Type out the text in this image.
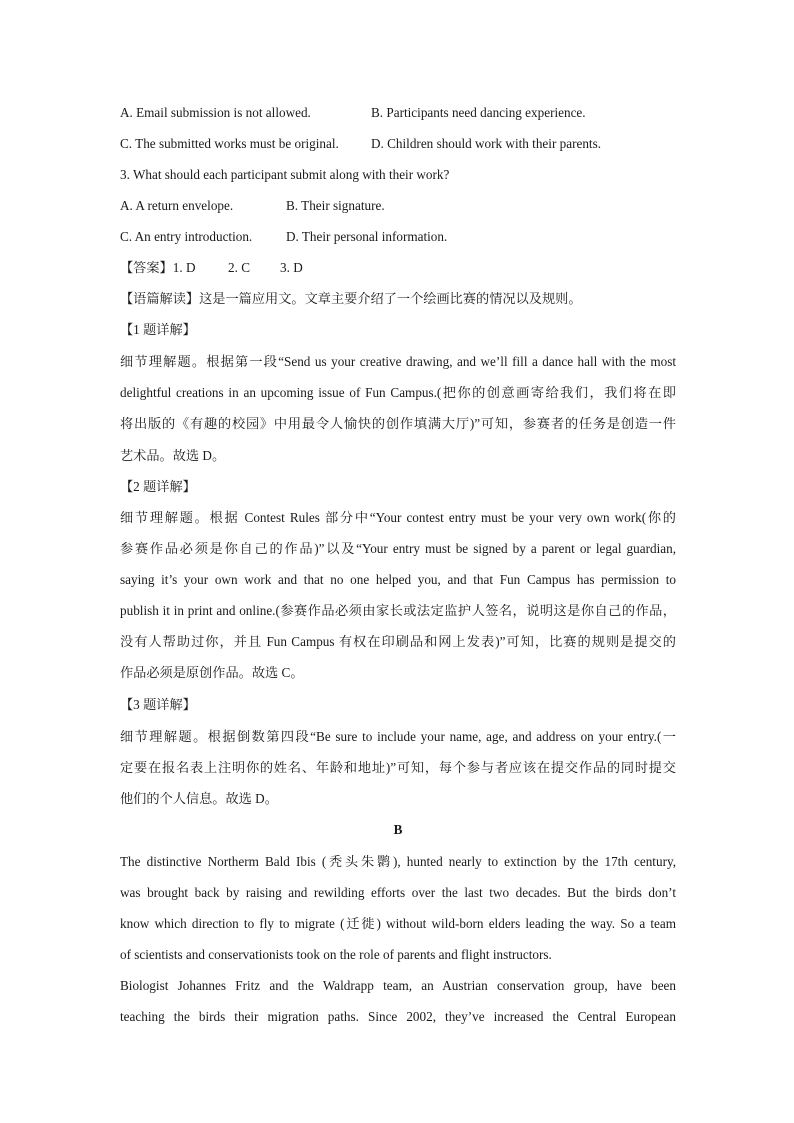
A. Email submission is not allowed.	B. Participants need dancing experience.
C. The submitted works must be original. D. Children should work with their parents.
3. What should each participant submit along with their work?
A. A return envelope.	B. Their signature.
C. An entry introduction.	D. Their personal information.
【答案】1. D 2. C 3. D
【语篇解读】这是一篇应用文。文章主要介绍了一个绘画比赛的情况以及规则。
【1 题详解】
细节理解题。根据第一段“Send us your creative drawing, and we’ll fill a dance hall with the most
delightful creations in an upcoming issue of Fun Campus.(把你的创意画寄给我们，我们将在即
将出版的《有趣的校园》中用最令人愉快的创作填满大厅)”可知，参赛者的任务是创造一件
艺术品。故选 D。
【2 题详解】
细节理解题。根据 Contest Rules 部分中“Your contest entry must be your very own work(你的
参赛作品必须是你自己的作品)”以及“Your entry must be signed by a parent or legal guardian,
saying it’s your own work and that no one helped you, and that Fun Campus has permission to
publish it in print and online.(参赛作品必须由家长或法定监护人签名，说明这是你自己的作品，
没有人帮助过你，并且 Fun Campus 有权在印刷品和网上发表)”可知，比赛的规则是提交的
作品必须是原创作品。故选 C。
【3 题详解】
细节理解题。根据倒数第四段“Be sure to include your name, age, and address on your entry.(一
定要在报名表上注明你的姓名、年龄和地址)”可知，每个参与者应该在提交作品的同时提交
他们的个人信息。故选 D。
B
The distinctive Northerm Bald Ibis (秃头朱鹮), hunted nearly to extinction by the 17th century,
was brought back by raising and rewilding efforts over the last two decades. But the birds don’t
know which direction to fly to migrate (迁徙) without wild-born elders leading the way. So a team
of scientists and conservationists took on the role of parents and flight instructors.
Biologist Johannes Fritz and the Waldrapp team, an Austrian conservation group, have been
teaching the birds their migration paths. Since 2002, they’ve increased the Central European
